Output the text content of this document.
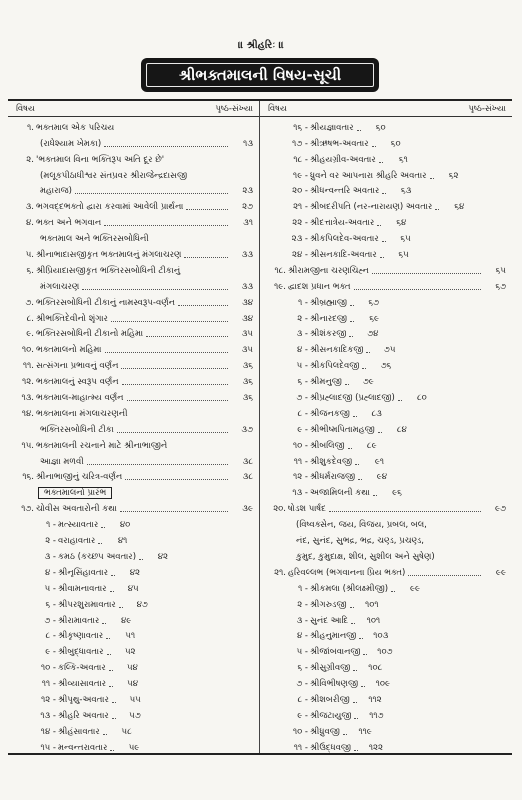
॥ શ્રીહરિઃ ॥
શ્રીભક્તમાલની વિષય-સૂચી
વિષય	પૃષ્ઠ-સંખ્યા
૧. ભક્તમાલ એક પરિચય
(રાધેશ્યામ ખેમકા)	૧૩
૨. 'ભક્તમાલ વિના ભક્તિરૂપ અતિ દૂર છે'
(મલૂકપીઠાધીશ્વર સંતપ્રવર શ્રીરાજેન્દ્રદાસજી
મહારાજ)	૨૩
૩. ભગવદ્દભક્તો દ્વારા કરવામાં આવેલી પ્રાર્થના	૨૭
૪. ભક્ત અને ભગવાન	૩૧
ભક્તમાલ અને ભક્તિરસબોધિની
૫. શ્રીનાભાદાસજીકૃત ભક્તમાલનું મંગલાચરણ	૩૩
૬. શ્રીપ્રિયાદાસજીકૃત ભક્તિરસબોધિની ટીકાનું
મંગલાચરણ	૩૩
૭. ભક્તિરસબોધિની ટીકાનું નામસ્વરૂપ-વર્ણન	૩૪
૮. શ્રીભક્તિદેવીનો શૃંગાર	૩૪
૯. ભક્તિરસબોધિની ટીકાનો મહિમા	૩૫
૧૦. ભક્તમાલનો મહિમા	૩૫
૧૧. સત્સંગના પ્રભાવનું વર્ણન	૩૬
૧૨. ભક્તમાલનું સ્વરૂપ વર્ણન	૩૬
૧૩. ભક્તમાલ-માહાત્મ્ય વર્ણન	૩૬
૧૪. ભક્તમાલના મંગલાચરણની
ભક્તિરસબોધિની ટીકા	૩૭
૧૫. ભક્તમાલની રચનાને માટે શ્રીનાભાજીને
આજ્ઞા મળવી	૩૮
૧૬. શ્રીનાભાજીનું ચરિત્ર-વર્ણન	૩૮
ભક્તમાલનો પ્રારંભ
૧૭. ચોવીસ અવતારોની કથા	૩૯
૧ - મત્સ્યાવતાર	૪૦
૨ - વરાહાવતાર	૪૧
૩ - કમઠ (કચ્છપ અવતાર)	૪૨
૪ - શ્રીનૃસિંહાવતાર	૪૨
૫ - શ્રીવામનાવતાર	૪૫
૬ - શ્રીપરશુરામાવતાર	૪૭
૭ - શ્રીરામાવતાર	૪૯
૮ - શ્રીકૃષ્ણાવતાર	૫૧
૯ - શ્રીબુદ્ધાવતાર	૫૨
૧૦ - કલ્કિ-અવતાર	૫૪
૧૧ - શ્રીવ્યાસાવતાર	૫૪
૧૨ - શ્રીપૃથુ-અવતાર	૫૫
૧૩ - શ્રીહરિ અવતાર	૫૭
૧૪ - શ્રીહંસાવતાર	૫૮
૧૫ - મન્વન્તરાવતાર	૫૯
વિષય	પૃષ્ઠ-સંખ્યા
૧૬ - શ્રીયજ્ઞાવતાર	૬૦
૧૭ - શ્રીઋષભ-અવતાર	૬૦
૧૮ - શ્રીહયગ્રીવ-અવતાર	૬૧
૧૯ - ધ્રુવને વર આપનારા શ્રીહરિ અવતાર	૬૨
૨૦ - શ્રીધન્વન્તરિ અવતાર	૬૩
૨૧ - શ્રીબદરીપતિ (નર-નારાયણ) અવતાર	૬૪
૨૨ - શ્રીદત્તાત્રેય-અવતાર	૬૪
૨૩ - શ્રીકપિલદેવ-અવતાર	૬૫
૨૪ - શ્રીસનકાદિ-અવતાર	૬૫
૧૮. શ્રીરામજીના ચરણચિહ્ન	૬૫
૧૯. દ્વાદશ પ્રધાન ભક્ત	૬૭
૧ - શ્રીબ્રહ્માજી	૬૭
૨ - શ્રીનારદજી	૬૯
૩ - શ્રીશંકરજી	૭૪
૪ - શ્રીસનકાદિકજી	૭૫
૫ - શ્રીકપિલદેવજી	૭૬
૬ - શ્રીમનુજી	૭૯
૭ - શ્રીપ્રહ્લાદજી (પ્રહ્લાદજી)	૮૦
૮ - શ્રીજનકજી	૮૩
૯ - શ્રીભીષ્મપિતામહજી	૮૪
૧૦ - શ્રીબલિજી	૮૯
૧૧ - શ્રીશુકદેવજી	૯૧
૧૨ - શ્રીધર્મરાજજી	૯૪
૧૩ - અજામિલની કથા	૯૬
૨૦. ષોડશ પાર્ષદ	૯૭
(વિષ્વક્સેન, જય, વિજય, પ્રબલ, બલ,
નંદ, સુનંદ, સુભદ્ર, ભદ્ર, ચણ્ડ, પ્રચણ્ડ,
કુમુદ, કુમુદાક્ષ, શીલ, સુશીલ અને સુષેણ)
૨૧. હરિવલ્લભ (ભગવાનના પ્રિય ભક્ત)	૯૯
૧ - શ્રીકમલા (શ્રીલક્ષ્મીજી)	૯૯
૨ - શ્રીગરુડજી	૧૦૧
૩ - સુનંદ આદિ	૧૦૧
૪ - શ્રીહનુમાનજી	૧૦૩
૫ - શ્રીજાંબવાનજી	૧૦૭
૬ - શ્રીસુગ્રીવજી	૧૦૮
૭ - શ્રીવિભીષણજી	૧૦૯
૮ - શ્રીશબરીજી	૧૧૨
૯ - શ્રીજટાયુજી	૧૧૭
૧૦ - શ્રીધ્રુવજી	૧૧૯
૧૧ - શ્રીઉદ્ધવજી	૧૨૨
